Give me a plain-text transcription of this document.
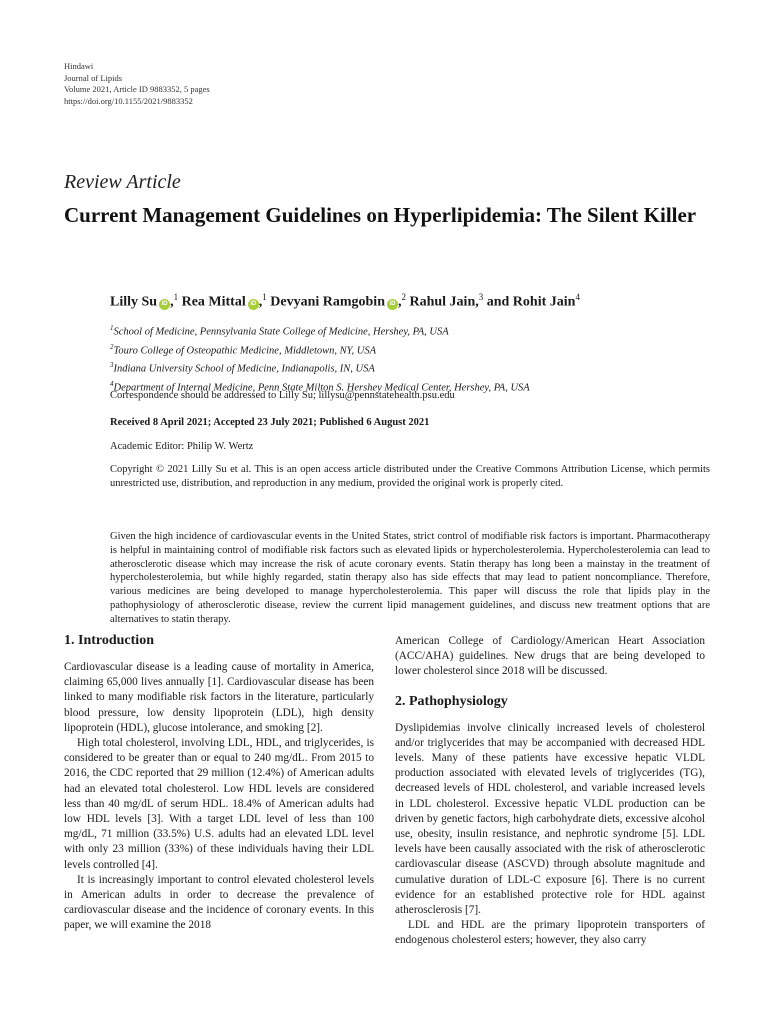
Hindawi
Journal of Lipids
Volume 2021, Article ID 9883352, 5 pages
https://doi.org/10.1155/2021/9883352
Review Article
Current Management Guidelines on Hyperlipidemia: The Silent Killer
Lilly Su iD ,$^1$ Rea Mittal iD ,$^1$ Devyani Ramgobin iD ,$^2$ Rahul Jain,$^3$ and Rohit Jain$^4$
$^1$School of Medicine, Pennsylvania State College of Medicine, Hershey, PA, USA
$^2$Touro College of Osteopathic Medicine, Middletown, NY, USA
$^3$Indiana University School of Medicine, Indianapolis, IN, USA
$^4$Department of Internal Medicine, Penn State Milton S. Hershey Medical Center, Hershey, PA, USA
Correspondence should be addressed to Lilly Su; lillysu@pennstatehealth.psu.edu
Received 8 April 2021; Accepted 23 July 2021; Published 6 August 2021
Academic Editor: Philip W. Wertz
Copyright © 2021 Lilly Su et al. This is an open access article distributed under the Creative Commons Attribution License, which permits unrestricted use, distribution, and reproduction in any medium, provided the original work is properly cited.
Given the high incidence of cardiovascular events in the United States, strict control of modifiable risk factors is important. Pharmacotherapy is helpful in maintaining control of modifiable risk factors such as elevated lipids or hypercholesterolemia. Hypercholesterolemia can lead to atherosclerotic disease which may increase the risk of acute coronary events. Statin therapy has long been a mainstay in the treatment of hypercholesterolemia, but while highly regarded, statin therapy also has side effects that may lead to patient noncompliance. Therefore, various medicines are being developed to manage hypercholesterolemia. This paper will discuss the role that lipids play in the pathophysiology of atherosclerotic disease, review the current lipid management guidelines, and discuss new treatment options that are alternatives to statin therapy.
1. Introduction

Cardiovascular disease is a leading cause of mortality in America, claiming 65,000 lives annually [1]. Cardiovascular disease has been linked to many modifiable risk factors in the literature, particularly blood pressure, low density lipoprotein (LDL), high density lipoprotein (HDL), glucose intolerance, and smoking [2].

High total cholesterol, involving LDL, HDL, and triglycerides, is considered to be greater than or equal to 240 mg/dL. From 2015 to 2016, the CDC reported that 29 million (12.4%) of American adults had an elevated total cholesterol. Low HDL levels are considered less than 40 mg/dL of serum HDL. 18.4% of American adults had low HDL levels [3]. With a target LDL level of less than 100 mg/dL, 71 million (33.5%) U.S. adults had an elevated LDL level with only 23 million (33%) of these individuals having their LDL levels controlled [4].

It is increasingly important to control elevated cholesterol levels in American adults in order to decrease the prevalence of cardiovascular disease and the incidence of coronary events. In this paper, we will examine the 2018

American College of Cardiology/American Heart Association (ACC/AHA) guidelines. New drugs that are being developed to lower cholesterol since 2018 will be discussed.

2. Pathophysiology

Dyslipidemias involve clinically increased levels of cholesterol and/or triglycerides that may be accompanied with decreased HDL levels. Many of these patients have excessive hepatic VLDL production associated with elevated levels of triglycerides (TG), decreased levels of HDL cholesterol, and variable increased levels in LDL cholesterol. Excessive hepatic VLDL production can be driven by genetic factors, high carbohydrate diets, excessive alcohol use, obesity, insulin resistance, and nephrotic syndrome [5]. LDL levels have been causally associated with the risk of atherosclerotic cardiovascular disease (ASCVD) through absolute magnitude and cumulative duration of LDL-C exposure [6]. There is no current evidence for an established protective role for HDL against atherosclerosis [7].

LDL and HDL are the primary lipoprotein transporters of endogenous cholesterol esters; however, they also carry
